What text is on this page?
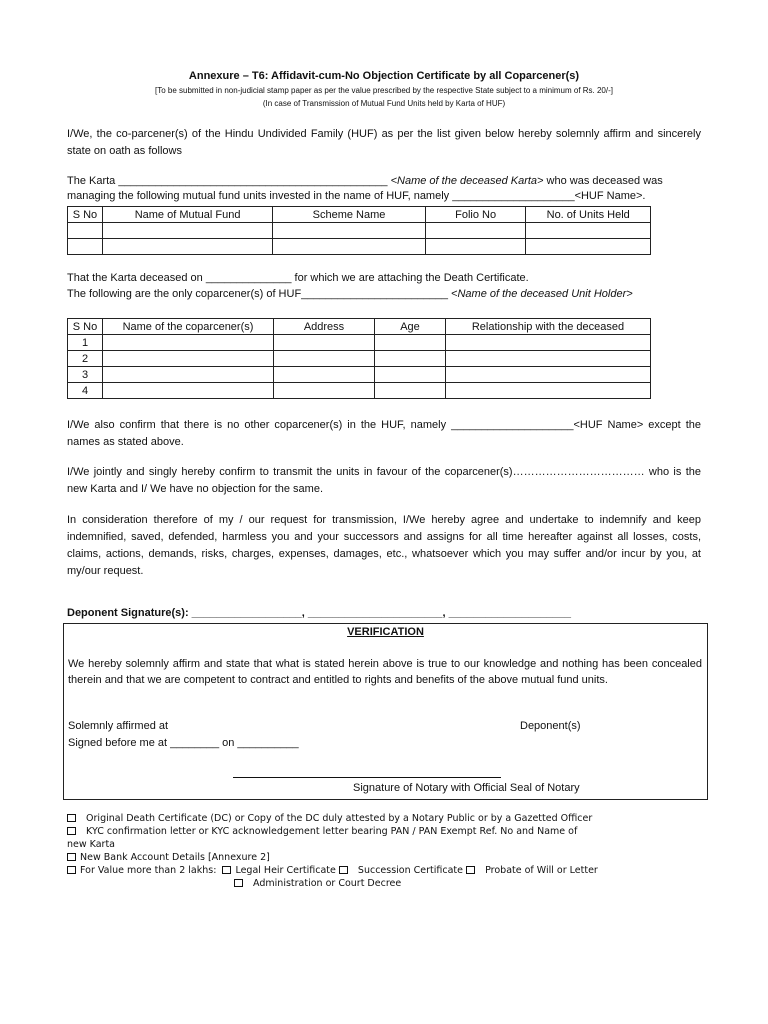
Annexure – T6: Affidavit-cum-No Objection Certificate by all Coparcener(s)
[To be submitted in non-judicial stamp paper as per the value prescribed by the respective State subject to a minimum of Rs. 20/-]
(In case of Transmission of Mutual Fund Units held by Karta of HUF)
I/We, the co-parcener(s) of the Hindu Undivided Family (HUF) as per the list given below hereby solemnly affirm and sincerely state on oath as follows
The Karta ____________________________________________ <Name of the deceased Karta> who was deceased was
managing the following mutual fund units invested in the name of HUF, namely ____________________<HUF Name>.
S No	Name of Mutual Fund	Scheme Name	Folio No	No. of Units Held

That the Karta deceased on ______________ for which we are attaching the Death Certificate.
The following are the only coparcener(s) of HUF________________________ <Name of the deceased Unit Holder>
S No	Name of the coparcener(s)	Address	Age	Relationship with the deceased
1				
2				
3				
4				
I/We also confirm that there is no other coparcener(s) in the HUF, namely ____________________<HUF Name> except the names as stated above.
I/We jointly and singly hereby confirm to transmit the units in favour of the coparcener(s)……………………………… who is the new Karta and I/ We have no objection for the same.
In consideration therefore of my / our request for transmission, I/We hereby agree and undertake to indemnify and keep indemnified, saved, defended, harmless you and your successors and assigns for all time hereafter against all losses, costs, claims, actions, demands, risks, charges, expenses, damages, etc., whatsoever which you may suffer and/or incur by you, at my/our request.
Deponent Signature(s): __________________, ______________________, ____________________
VERIFICATION
We hereby solemnly affirm and state that what is stated herein above is true to our knowledge and nothing has been concealed therein and that we are competent to contract and entitled to rights and benefits of the above mutual fund units.
Solemnly affirmed at	Deponent(s)
Signed before me at ________ on __________
Signature of Notary with Official Seal of Notary
Original Death Certificate (DC) or Copy of the DC duly attested by a Notary Public or by a Gazetted Officer
KYC confirmation letter or KYC acknowledgement letter bearing PAN / PAN Exempt Ref. No and Name of
new Karta
New Bank Account Details [Annexure 2]
For Value more than 2 lakhs: Legal Heir Certificate Succession Certificate Probate of Will or Letter
Administration or Court Decree
